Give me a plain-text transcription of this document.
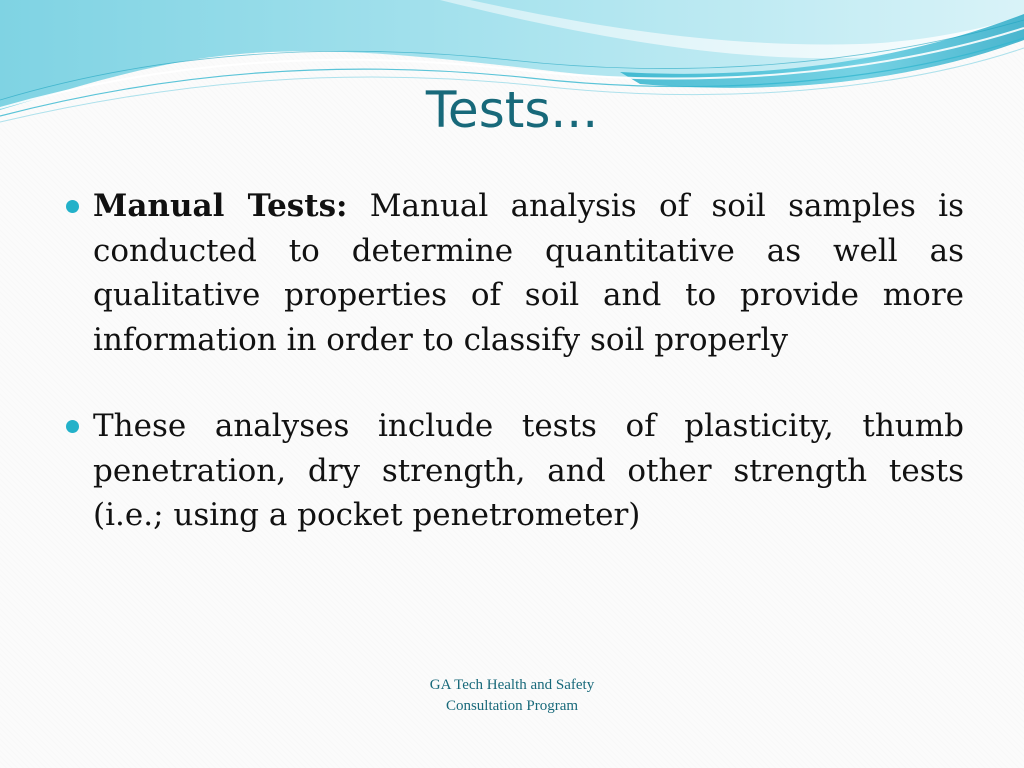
Tests...

Manual Tests: Manual analysis of soil samples is conducted to determine quantitative as well as qualitative properties of soil and to provide more information in order to classify soil properly

These analyses include tests of plasticity, thumb penetration, dry strength, and other strength tests (i.e.; using a pocket penetrometer)

GA Tech Health and Safety
Consultation Program
